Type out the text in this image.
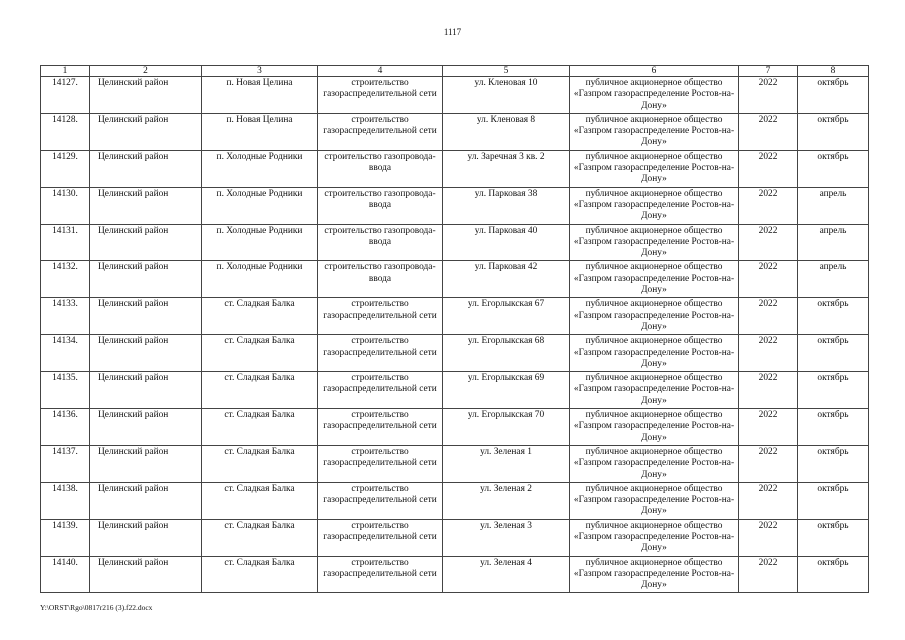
1117
1	2	3	4	5	6	7	8
14127.	Целинский район	п. Новая Целина	строительство газораспределительной сети	ул. Кленовая 10	публичное акционерное общество «Газпром газораспределение Ростов-на-Дону»	2022	октябрь
14128.	Целинский район	п. Новая Целина	строительство газораспределительной сети	ул. Кленовая 8	публичное акционерное общество «Газпром газораспределение Ростов-на-Дону»	2022	октябрь
14129.	Целинский район	п. Холодные Родники	строительство газопровода-ввода	ул. Заречная 3 кв. 2	публичное акционерное общество «Газпром газораспределение Ростов-на-Дону»	2022	октябрь
14130.	Целинский район	п. Холодные Родники	строительство газопровода-ввода	ул. Парковая 38	публичное акционерное общество «Газпром газораспределение Ростов-на-Дону»	2022	апрель
14131.	Целинский район	п. Холодные Родники	строительство газопровода-ввода	ул. Парковая 40	публичное акционерное общество «Газпром газораспределение Ростов-на-Дону»	2022	апрель
14132.	Целинский район	п. Холодные Родники	строительство газопровода-ввода	ул. Парковая 42	публичное акционерное общество «Газпром газораспределение Ростов-на-Дону»	2022	апрель
14133.	Целинский район	ст. Сладкая Балка	строительство газораспределительной сети	ул. Егорлыкская 67	публичное акционерное общество «Газпром газораспределение Ростов-на-Дону»	2022	октябрь
14134.	Целинский район	ст. Сладкая Балка	строительство газораспределительной сети	ул. Егорлыкская 68	публичное акционерное общество «Газпром газораспределение Ростов-на-Дону»	2022	октябрь
14135.	Целинский район	ст. Сладкая Балка	строительство газораспределительной сети	ул. Егорлыкская 69	публичное акционерное общество «Газпром газораспределение Ростов-на-Дону»	2022	октябрь
14136.	Целинский район	ст. Сладкая Балка	строительство газораспределительной сети	ул. Егорлыкская 70	публичное акционерное общество «Газпром газораспределение Ростов-на-Дону»	2022	октябрь
14137.	Целинский район	ст. Сладкая Балка	строительство газораспределительной сети	ул. Зеленая 1	публичное акционерное общество «Газпром газораспределение Ростов-на-Дону»	2022	октябрь
14138.	Целинский район	ст. Сладкая Балка	строительство газораспределительной сети	ул. Зеленая 2	публичное акционерное общество «Газпром газораспределение Ростов-на-Дону»	2022	октябрь
14139.	Целинский район	ст. Сладкая Балка	строительство газораспределительной сети	ул. Зеленая 3	публичное акционерное общество «Газпром газораспределение Ростов-на-Дону»	2022	октябрь
14140.	Целинский район	ст. Сладкая Балка	строительство газораспределительной сети	ул. Зеленая 4	публичное акционерное общество «Газпром газораспределение Ростов-на-Дону»	2022	октябрь
Y:\ORST\Rgo\0817r216 (3).f22.docx
